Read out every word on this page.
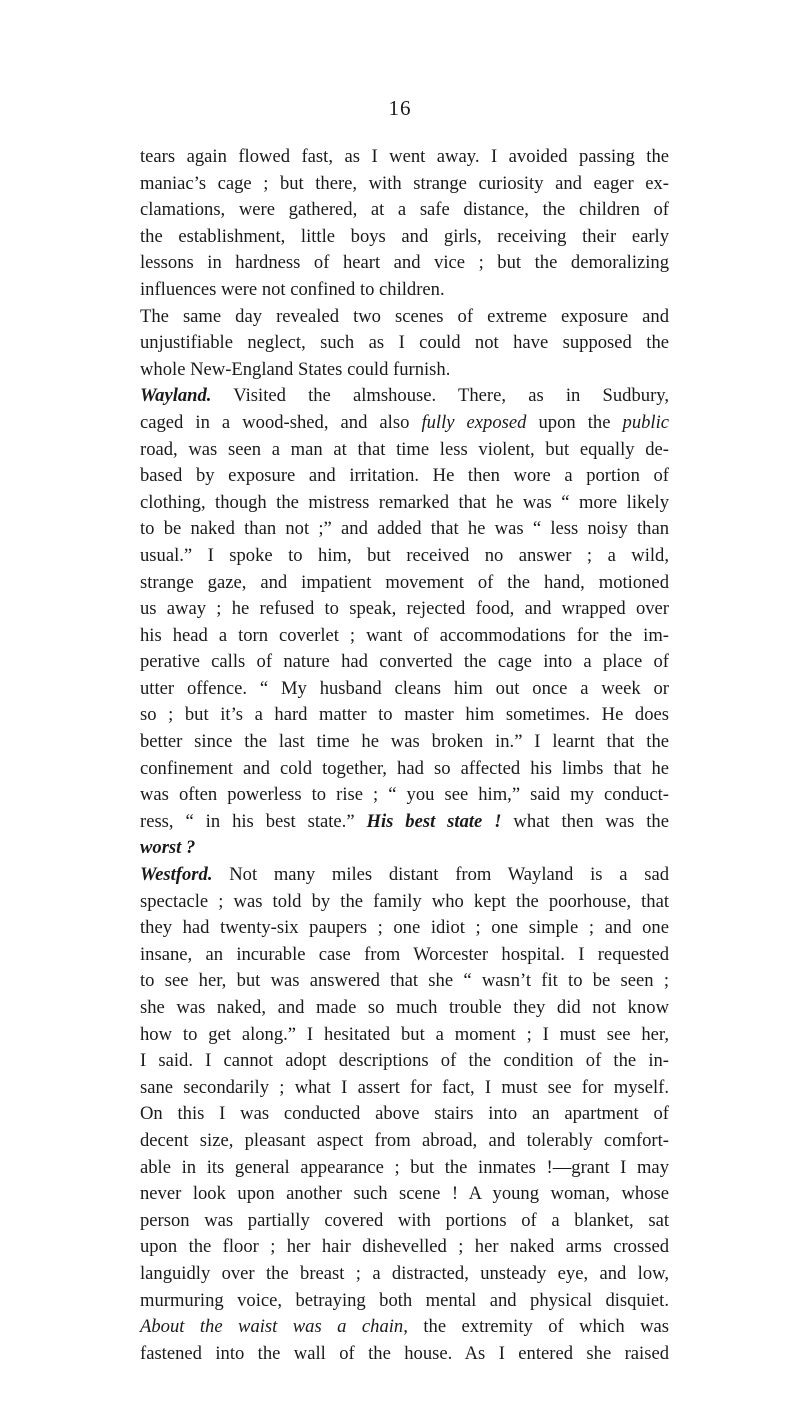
16
tears again flowed fast, as I went away. I avoided passing the
maniac’s cage ; but there, with strange curiosity and eager ex-
clamations, were gathered, at a safe distance, the children of
the establishment, little boys and girls, receiving their early
lessons in hardness of heart and vice ; but the demoralizing
influences were not confined to children.
The same day revealed two scenes of extreme exposure and
unjustifiable neglect, such as I could not have supposed the
whole New-England States could furnish.
Wayland. Visited the almshouse. There, as in Sudbury,
caged in a wood-shed, and also fully exposed upon the public
road, was seen a man at that time less violent, but equally de-
based by exposure and irritation. He then wore a portion of
clothing, though the mistress remarked that he was “ more likely
to be naked than not ;” and added that he was “ less noisy than
usual.” I spoke to him, but received no answer ; a wild,
strange gaze, and impatient movement of the hand, motioned
us away ; he refused to speak, rejected food, and wrapped over
his head a torn coverlet ; want of accommodations for the im-
perative calls of nature had converted the cage into a place of
utter offence. “ My husband cleans him out once a week or
so ; but it’s a hard matter to master him sometimes. He does
better since the last time he was broken in.” I learnt that the
confinement and cold together, had so affected his limbs that he
was often powerless to rise ; “ you see him,” said my conduct-
ress, “ in his best state.” His best state ! what then was the
worst ?
Westford. Not many miles distant from Wayland is a sad
spectacle ; was told by the family who kept the poorhouse, that
they had twenty-six paupers ; one idiot ; one simple ; and one
insane, an incurable case from Worcester hospital. I requested
to see her, but was answered that she “ wasn’t fit to be seen ;
she was naked, and made so much trouble they did not know
how to get along.” I hesitated but a moment ; I must see her,
I said. I cannot adopt descriptions of the condition of the in-
sane secondarily ; what I assert for fact, I must see for myself.
On this I was conducted above stairs into an apartment of
decent size, pleasant aspect from abroad, and tolerably comfort-
able in its general appearance ; but the inmates !—grant I may
never look upon another such scene ! A young woman, whose
person was partially covered with portions of a blanket, sat
upon the floor ; her hair dishevelled ; her naked arms crossed
languidly over the breast ; a distracted, unsteady eye, and low,
murmuring voice, betraying both mental and physical disquiet.
About the waist was a chain, the extremity of which was
fastened into the wall of the house. As I entered she raised
